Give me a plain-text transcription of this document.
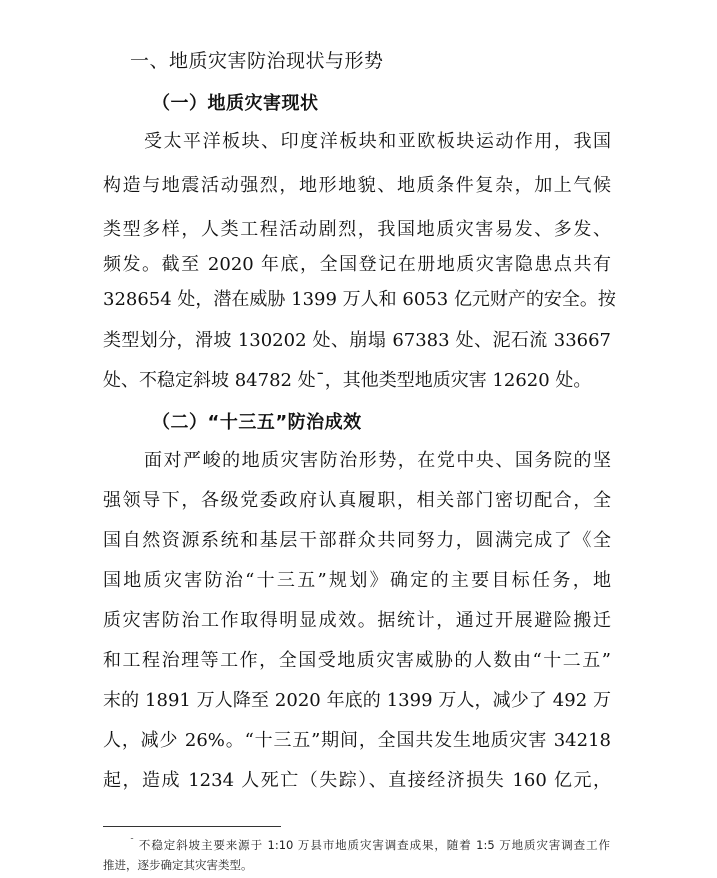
一、地质灾害防治现状与形势
（一）地质灾害现状
受太平洋板块、印度洋板块和亚欧板块运动作用，我国
构造与地震活动强烈，地形地貌、地质条件复杂，加上气候
类型多样，人类工程活动剧烈，我国地质灾害易发、多发、
频发。截至 2020 年底，全国登记在册地质灾害隐患点共有
328654 处，潜在威胁 1399 万人和 6053 亿元财产的安全。按
类型划分，滑坡 130202 处、崩塌 67383 处、泥石流 33667
处、不稳定斜坡 84782 处¯，其他类型地质灾害 12620 处。
（二）“十三五”防治成效
面对严峻的地质灾害防治形势，在党中央、国务院的坚
强领导下，各级党委政府认真履职，相关部门密切配合，全
国自然资源系统和基层干部群众共同努力，圆满完成了《全
国地质灾害防治“十三五”规划》确定的主要目标任务，地
质灾害防治工作取得明显成效。据统计，通过开展避险搬迁
和工程治理等工作，全国受地质灾害威胁的人数由“十二五”
末的 1891 万人降至 2020 年底的 1399 万人，减少了 492 万
人，减少 26%。“十三五”期间，全国共发生地质灾害 34218
起，造成 1234 人死亡（失踪）、直接经济损失 160 亿元，
¯ 不稳定斜坡主要来源于 1:10 万县市地质灾害调查成果，随着 1:5 万地质灾害调查工作
推进，逐步确定其灾害类型。
